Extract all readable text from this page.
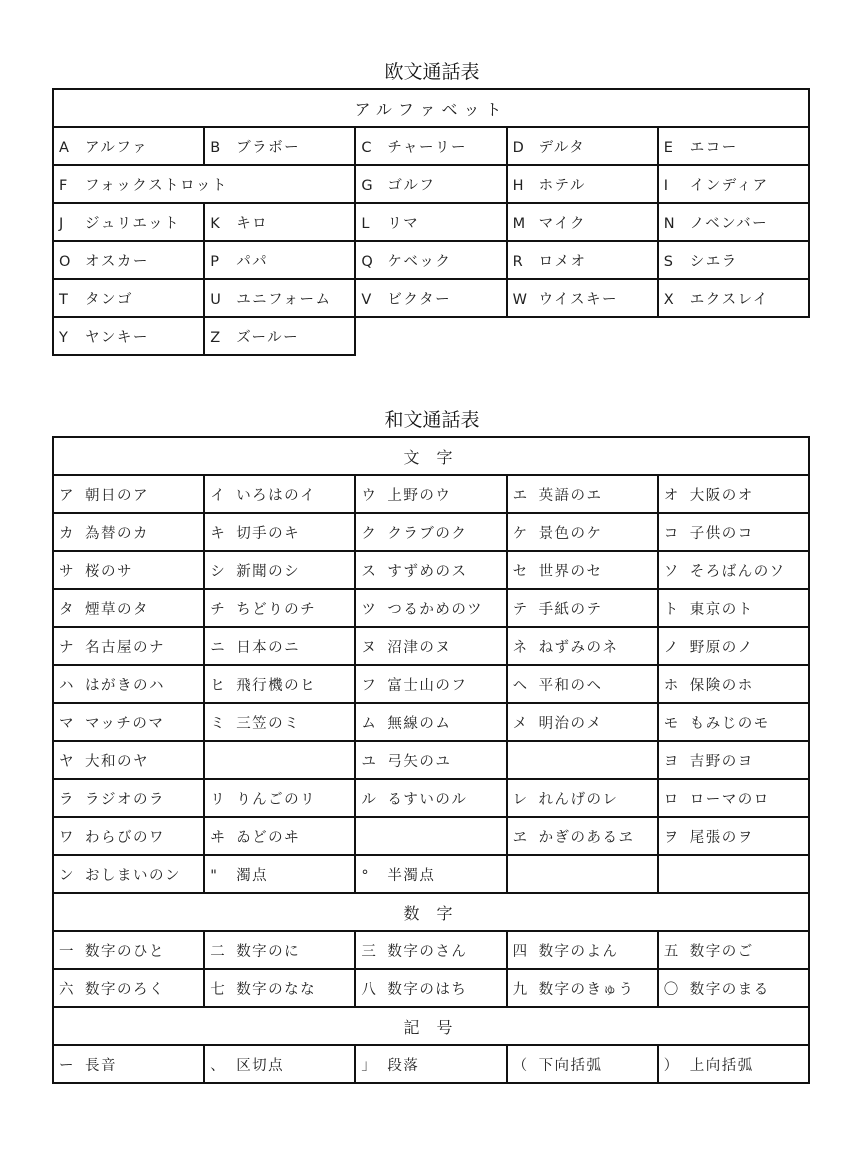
欧文通話表
アルファベット				
A アルファ	B ブラボー	C チャーリー	D デルタ	E エコー
F フォックストロット		G ゴルフ	H ホテル	I インディア
J ジュリエット	K キロ	L リマ	M マイク	N ノベンバー
O オスカー	P パパ	Q ケベック	R ロメオ	S シエラ
T タンゴ	U ユニフォーム	V ビクター	W ウイスキー	X エクスレイ
Y ヤンキー	Z ズールー			
和文通話表
文 字				
ア 朝日のア	イ いろはのイ	ウ 上野のウ	エ 英語のエ	オ 大阪のオ
カ 為替のカ	キ 切手のキ	ク クラブのク	ケ 景色のケ	コ 子供のコ
サ 桜のサ	シ 新聞のシ	ス すずめのス	セ 世界のセ	ソ そろばんのソ
タ 煙草のタ	チ ちどりのチ	ツ つるかめのツ	テ 手紙のテ	ト 東京のト
ナ 名古屋のナ	ニ 日本のニ	ヌ 沼津のヌ	ネ ねずみのネ	ノ 野原のノ
ハ はがきのハ	ヒ 飛行機のヒ	フ 富士山のフ	ヘ 平和のヘ	ホ 保険のホ
マ マッチのマ	ミ 三笠のミ	ム 無線のム	メ 明治のメ	モ もみじのモ
ヤ 大和のヤ		ユ 弓矢のユ		ヨ 吉野のヨ
ラ ラジオのラ	リ りんごのリ	ル るすいのル	レ れんげのレ	ロ ローマのロ
ワ わらびのワ	ヰ ゐどのヰ		ヱ かぎのあるヱ	ヲ 尾張のヲ
ン おしまいのン	" 濁点	° 半濁点		
数 字				
一 数字のひと	二 数字のに	三 数字のさん	四 数字のよん	五 数字のご
六 数字のろく	七 数字のなな	八 数字のはち	九 数字のきゅう	〇 数字のまる
記 号				
ー 長音	、 区切点	」 段落	（ 下向括弧	） 上向括弧
